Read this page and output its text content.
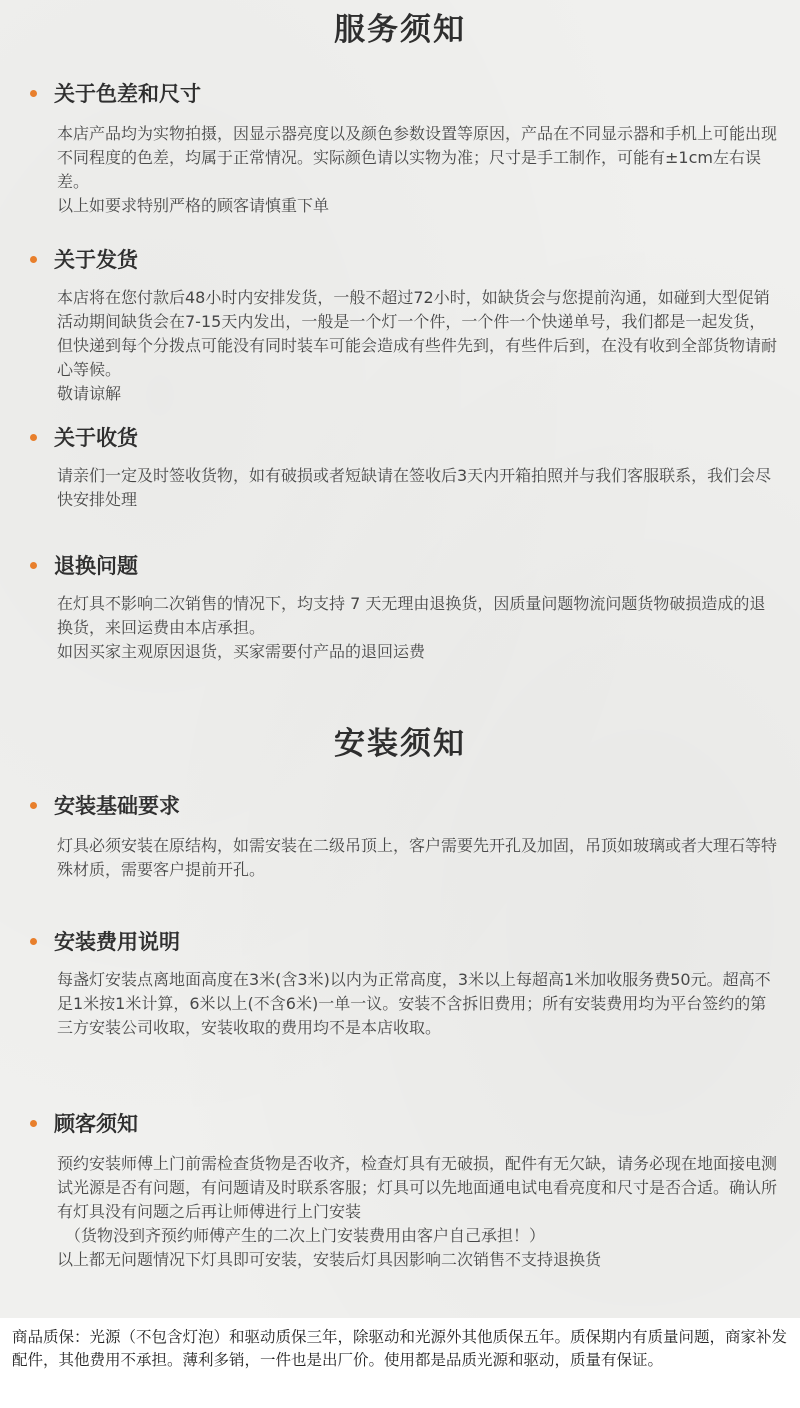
服务须知
关于色差和尺寸

本店产品均为实物拍摄，因显示器亮度以及颜色参数设置等原因，产品在不同显示器和手机上可能出现不同程度的色差，均属于正常情况。实际颜色请以实物为准；尺寸是手工制作，可能有±1cm左右误差。

以上如要求特别严格的顾客请慎重下单

关于发货

本店将在您付款后48小时内安排发货，一般不超过72小时，如缺货会与您提前沟通，如碰到大型促销活动期间缺货会在7-15天内发出，一般是一个灯一个件，一个件一个快递单号，我们都是一起发货，但快递到每个分拨点可能没有同时装车可能会造成有些件先到，有些件后到，在没有收到全部货物请耐心等候。

敬请谅解

关于收货

请亲们一定及时签收货物，如有破损或者短缺请在签收后3天内开箱拍照并与我们客服联系，我们会尽快安排处理

退换问题

在灯具不影响二次销售的情况下，均支持 7 天无理由退换货，因质量问题物流问题货物破损造成的退换货，来回运费由本店承担。

如因买家主观原因退货，买家需要付产品的退回运费

安装须知
安装基础要求

灯具必须安装在原结构，如需安装在二级吊顶上，客户需要先开孔及加固，吊顶如玻璃或者大理石等特殊材质，需要客户提前开孔。

安装费用说明

每盏灯安装点离地面高度在3米(含3米)以内为正常高度，3米以上每超高1米加收服务费50元。超高不足1米按1米计算，6米以上(不含6米)一单一议。安装不含拆旧费用；所有安装费用均为平台签约的第三方安装公司收取，安装收取的费用均不是本店收取。

顾客须知

预约安装师傅上门前需检查货物是否收齐，检查灯具有无破损，配件有无欠缺，请务必现在地面接电测试光源是否有问题，有问题请及时联系客服；灯具可以先地面通电试电看亮度和尺寸是否合适。确认所有灯具没有问题之后再让师傅进行上门安装

（货物没到齐预约师傅产生的二次上门安装费用由客户自己承担！）

以上都无问题情况下灯具即可安装，安装后灯具因影响二次销售不支持退换货

商品质保：光源（不包含灯泡）和驱动质保三年，除驱动和光源外其他质保五年。质保期内有质量问题，商家补发配件，其他费用不承担。薄利多销，一件也是出厂价。使用都是品质光源和驱动，质量有保证。
